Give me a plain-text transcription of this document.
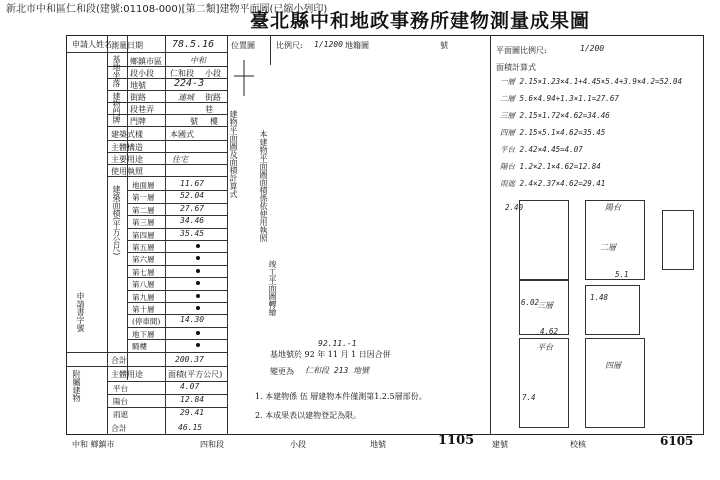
新北市中和區仁和段(建號:01108-000)[第二類]建物平面圖(已縮小列印)
臺北縣中和地政事務所建物測量成果圖
申請人姓名 測量日期	78.5.16
基地坐落 鄉鎮市區	中和
段小段 仁和段 小段
地號	224-3
建物門牌 街路	連城 街路
段巷弄	巷
門牌	號 樓
建築式樣	本國式
主體構造
主要用途	住宅
使用執照
建築面積(平方公尺) 地面層	11.67
第一層	52.04
第二層	27.67
第三層	34.46
第四層	35.45
第五層
第六層
第七層
第八層
第九層
第十層
(停車間) 14.30
地下層
騎樓
合計	200.37
附屬建物	主體用途	面積(平方公尺)
平台	4.07
陽台	12.84
雨遮	29.41
合計	46.15
申請書字號
位置圖	比例尺: 1/1200 地籍圖	號
建物平面圖及面積計算式	本建物平面圖面積係依使用執照
竣工平面圖轉繪
92.11.-1
基地號於 92 年 11 月 1 日因合併
變更為 仁和段 213 地號
1. 本建物係 伍 層建物本件僅測第1.2.5層部份。
2. 本成果表以建物登記為限。
平面圖比例尺:	1/200
面積計算式
一層 2.15×1.23×4.1+4.45×5.4+3.9×4.2=52.04
二層 5.6×4.94+1.3×1.1=27.67
三層 2.15×1.72×4.62=34.46
四層 2.15×5.1×4.62=35.45
平台 2.42×4.45=4.07
陽台 1.2×2.1×4.62=12.84
雨遮 2.4×2.37×4.62=29.41
2.40
1.48
4.62
6.02
7.4
5.1
陽台
二層
三層
平台
四層
中和 鄉鎮市	四和段	小段	地號	1105 建號	校核	6105
